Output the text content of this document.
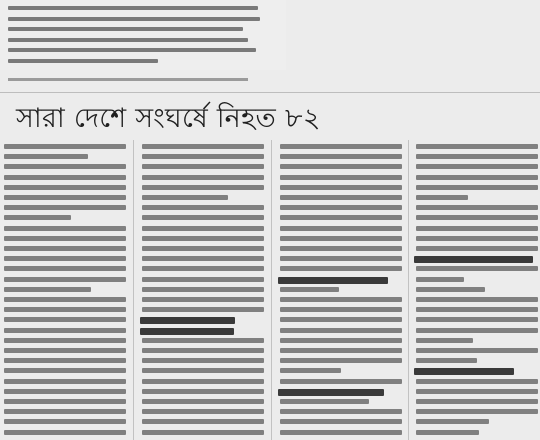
সারা দেশে সংঘর্ষে নিহত ৮২
